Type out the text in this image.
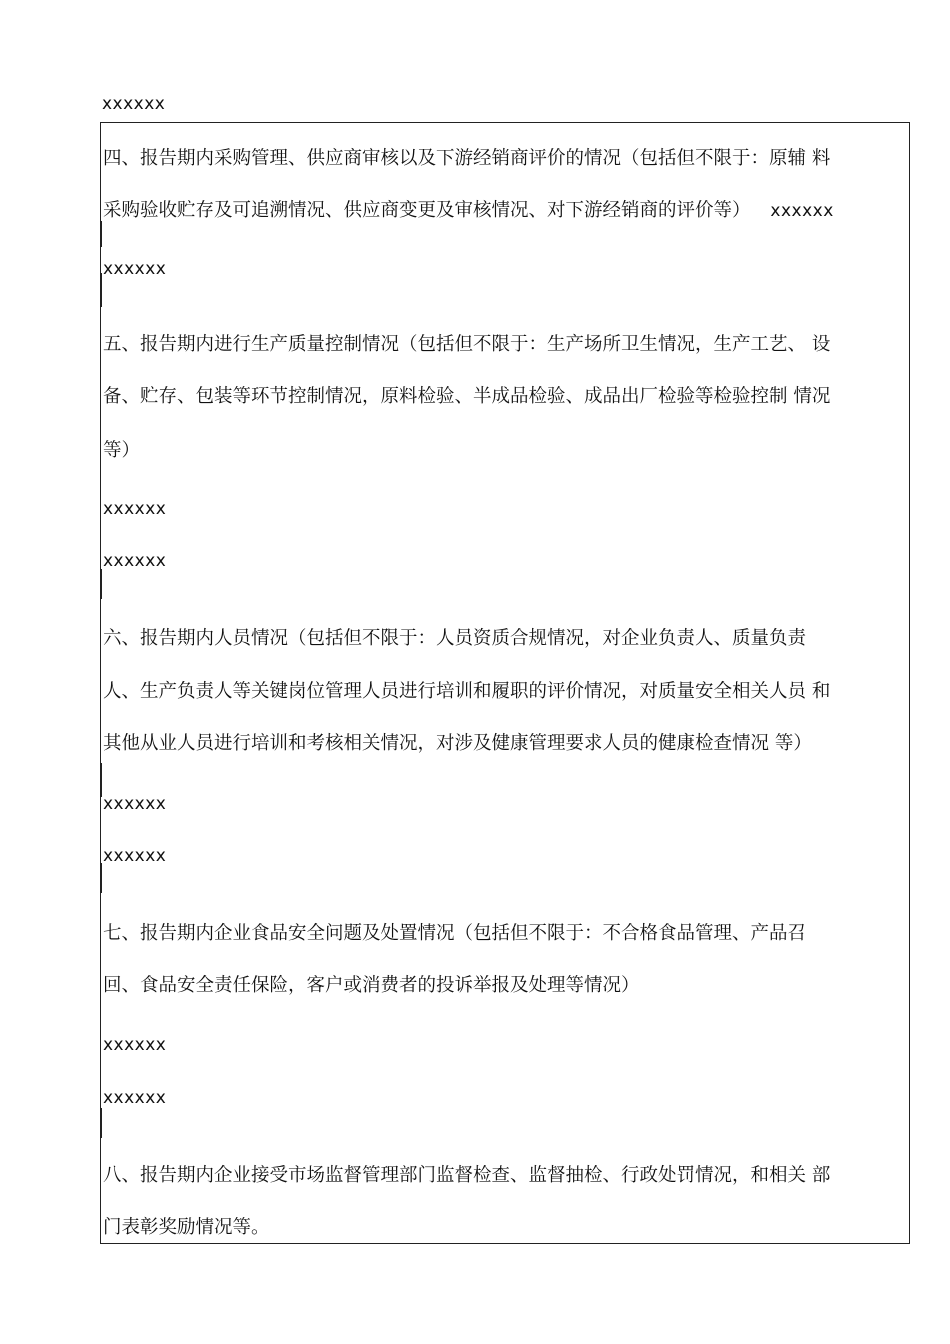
xxxxxx
四、报告期内采购管理、供应商审核以及下游经销商评价的情况（包括但不限于：原辅 料
采购验收贮存及可追溯情况、供应商变更及审核情况、对下游经销商的评价等） xxxxxx
xxxxxx
五、报告期内进行生产质量控制情况（包括但不限于：生产场所卫生情况，生产工艺、 设
备、贮存、包装等环节控制情况，原料检验、半成品检验、成品出厂检验等检验控制 情况
等）
xxxxxx
xxxxxx
六、报告期内人员情况（包括但不限于：人员资质合规情况，对企业负责人、质量负责
人、生产负责人等关键岗位管理人员进行培训和履职的评价情况，对质量安全相关人员 和
其他从业人员进行培训和考核相关情况，对涉及健康管理要求人员的健康检查情况 等）
xxxxxx
xxxxxx
七、报告期内企业食品安全问题及处置情况（包括但不限于：不合格食品管理、产品召
回、食品安全责任保险，客户或消费者的投诉举报及处理等情况）
xxxxxx
xxxxxx
八、报告期内企业接受市场监督管理部门监督检查、监督抽检、行政处罚情况，和相关 部
门表彰奖励情况等。
